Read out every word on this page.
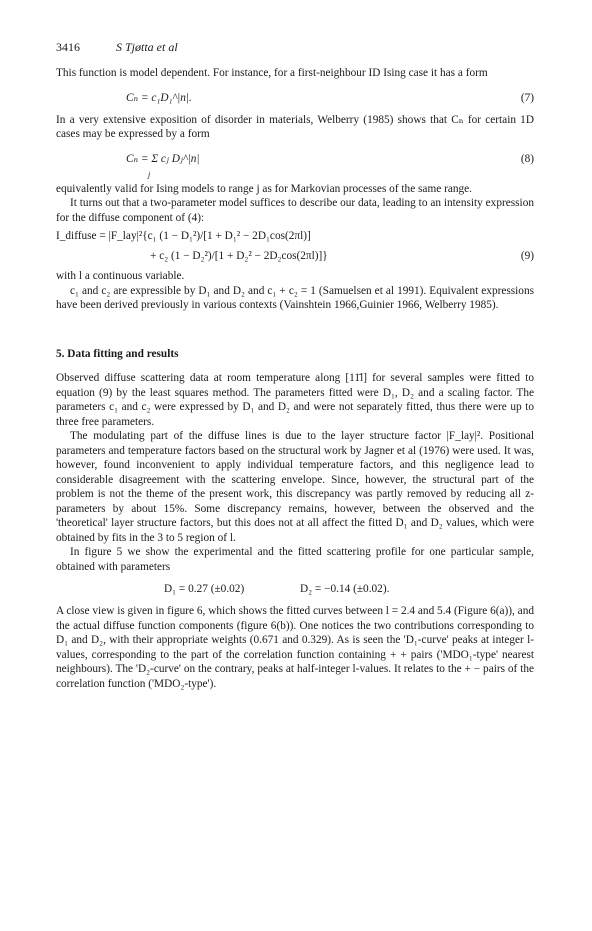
3416	S Tjøtta et al

This function is model dependent. For instance, for a first-neighbour ID Ising case it has a form

Cₙ = c₁D₁^|n|.	(7)

In a very extensive exposition of disorder in materials, Welberry (1985) shows that Cₙ for certain 1D cases may be expressed by a form

Cₙ = Σ cⱼ Dⱼ^|n|
j
(8)

equivalently valid for Ising models to range j as for Markovian processes of the same range.

It turns out that a two-parameter model suffices to describe our data, leading to an intensity expression for the diffuse component of (4):

I_diffuse = |F_lay|²{c₁ (1 − D₁²)/[1 + D₁² − 2D₁cos(2πl)]
+ c₂ (1 − D₂²)/[1 + D₂² − 2D₂cos(2πl)]}	(9)

with l a continuous variable.

c₁ and c₂ are expressible by D₁ and D₂ and c₁ + c₂ = 1 (Samuelsen et al 1991). Equivalent expressions have been derived previously in various contexts (Vainshtein 1966,Guinier 1966, Welberry 1985).

5. Data fitting and results

Observed diffuse scattering data at room temperature along [11̄l] for several samples were fitted to equation (9) by the least squares method. The parameters fitted were D₁, D₂ and a scaling factor. The parameters c₁ and c₂ were expressed by D₁ and D₂ and were not separately fitted, thus there were up to three free parameters.

The modulating part of the diffuse lines is due to the layer structure factor |F_lay|². Positional parameters and temperature factors based on the structural work by Jagner et al (1976) were used. It was, however, found inconvenient to apply individual temperature factors, and this negligence lead to considerable disagreement with the scattering envelope. Since, however, the structural part of the problem is not the theme of the present work, this discrepancy was partly removed by reducing all z-parameters by about 15%. Some discrepancy remains, however, between the observed and the 'theoretical' layer structure factors, but this does not at all affect the fitted D₁ and D₂ values, which were obtained by fits in the 3 to 5 region of l.

In figure 5 we show the experimental and the fitted scattering profile for one particular sample, obtained with parameters

D₁ = 0.27 (±0.02)	D₂ = −0.14 (±0.02).

A close view is given in figure 6, which shows the fitted curves between l = 2.4 and 5.4 (Figure 6(a)), and the actual diffuse function components (figure 6(b)). One notices the two contributions corresponding to D₁ and D₂, with their appropriate weights (0.671 and 0.329). As is seen the 'D₁-curve' peaks at integer l-values, corresponding to the part of the correlation function containing + + pairs ('MDO₁-type' nearest neighbours). The 'D₂-curve' on the contrary, peaks at half-integer l-values. It relates to the + − pairs of the correlation function ('MDO₂-type').
